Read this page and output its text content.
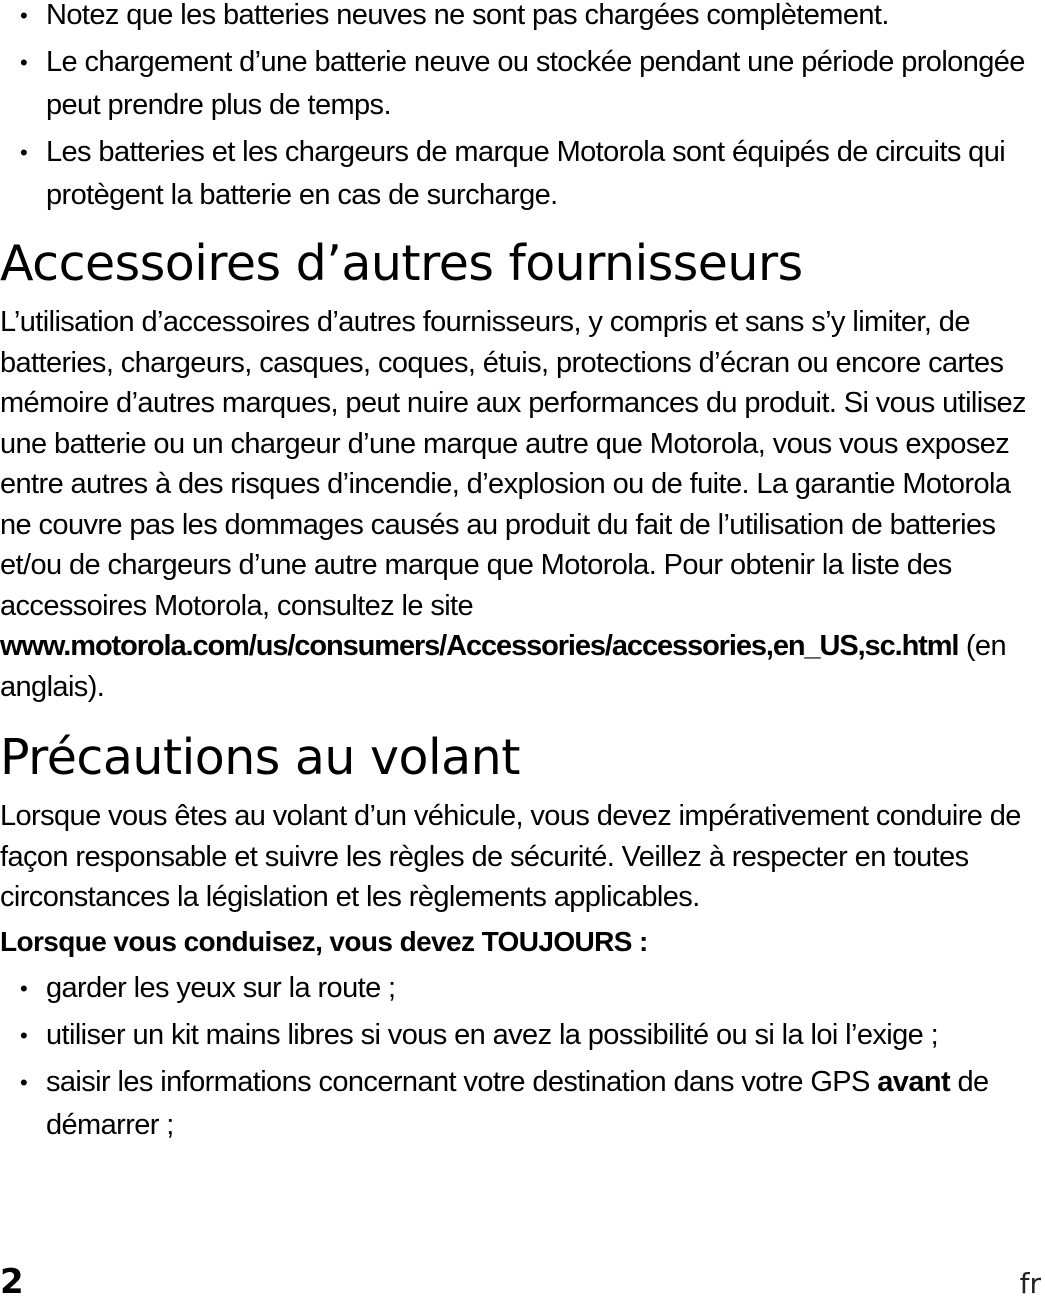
• Notez que les batteries neuves ne sont pas chargées complètement.
• Le chargement d’une batterie neuve ou stockée pendant une période prolongée peut prendre plus de temps.
• Les batteries et les chargeurs de marque Motorola sont équipés de circuits qui protègent la batterie en cas de surcharge.
Accessoires d’autres fournisseurs
L’utilisation d’accessoires d’autres fournisseurs, y compris et sans s’y limiter, de batteries, chargeurs, casques, coques, étuis, protections d’écran ou encore cartes mémoire d’autres marques, peut nuire aux performances du produit. Si vous utilisez une batterie ou un chargeur d’une marque autre que Motorola, vous vous exposez entre autres à des risques d’incendie, d’explosion ou de fuite. La garantie Motorola ne couvre pas les dommages causés au produit du fait de l’utilisation de batteries et/ou de chargeurs d’une autre marque que Motorola. Pour obtenir la liste des accessoires Motorola, consultez le site www.motorola.com/us/consumers/Accessories/accessories,en_US,sc.html (en anglais).
Précautions au volant
Lorsque vous êtes au volant d’un véhicule, vous devez impérativement conduire de façon responsable et suivre les règles de sécurité. Veillez à respecter en toutes circonstances la législation et les règlements applicables.
Lorsque vous conduisez, vous devez TOUJOURS :
• garder les yeux sur la route ;
• utiliser un kit mains libres si vous en avez la possibilité ou si la loi l’exige ;
• saisir les informations concernant votre destination dans votre GPS avant de démarrer ;
2	fr
